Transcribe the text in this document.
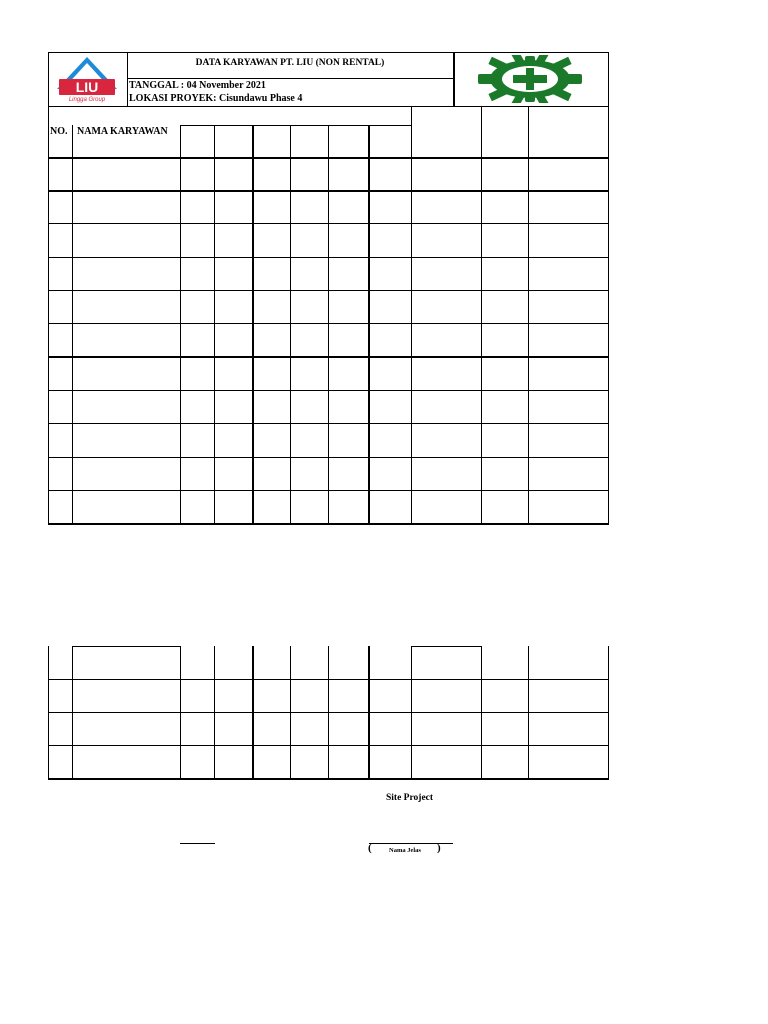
LIU
Lingga Group
DATA KARYAWAN PT. LIU (NON RENTAL)
TANGGAL : 04 November 2021
LOKASI PROYEK: Cisundawu Phase 4
NO. NAMA KARYAWAN
Site Project
(	Nama Jelas )
